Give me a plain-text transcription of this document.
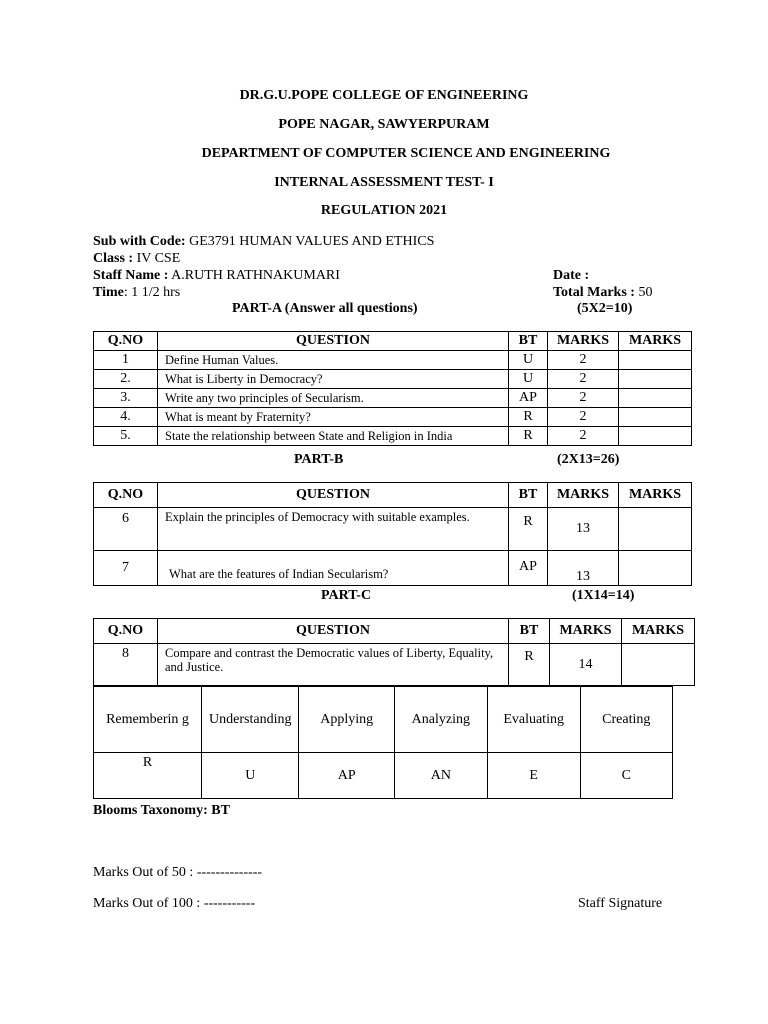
DR.G.U.POPE COLLEGE OF ENGINEERING
POPE NAGAR, SAWYERPURAM
DEPARTMENT OF COMPUTER SCIENCE AND ENGINEERING
INTERNAL ASSESSMENT TEST- I
REGULATION 2021
Sub with Code: GE3791 HUMAN VALUES AND ETHICS
Class : IV CSE
Staff Name : A.RUTH RATHNAKUMARI	Date :
Time: 1 1/2 hrs	Total Marks : 50
PART-A (Answer all questions)	(5X2=10)
Q.NO	QUESTION	BT	MARKS	MARKS
1	Define Human Values.	U	2	
2.	What is Liberty in Democracy?	U	2	
3.	Write any two principles of Secularism.	AP	2	
4.	What is meant by Fraternity?	R	2	
5.	State the relationship between State and Religion in India	R	2	
PART-B	(2X13=26)
Q.NO	QUESTION	BT	MARKS	MARKS
6	Explain the principles of Democracy with suitable examples.	R	13	
7	What are the features of Indian Secularism?	AP	13	
PART-C	(1X14=14)
Q.NO	QUESTION	BT	MARKS	MARKS
8	Compare and contrast the Democratic values of Liberty, Equality, and Justice.	R	14	
Rememberin g	Understanding	Applying	Analyzing	Evaluating	Creating
R	U	AP	AN	E	C
Blooms Taxonomy: BT
Marks Out of 50 : --------------
Marks Out of 100 : -----------	Staff Signature
